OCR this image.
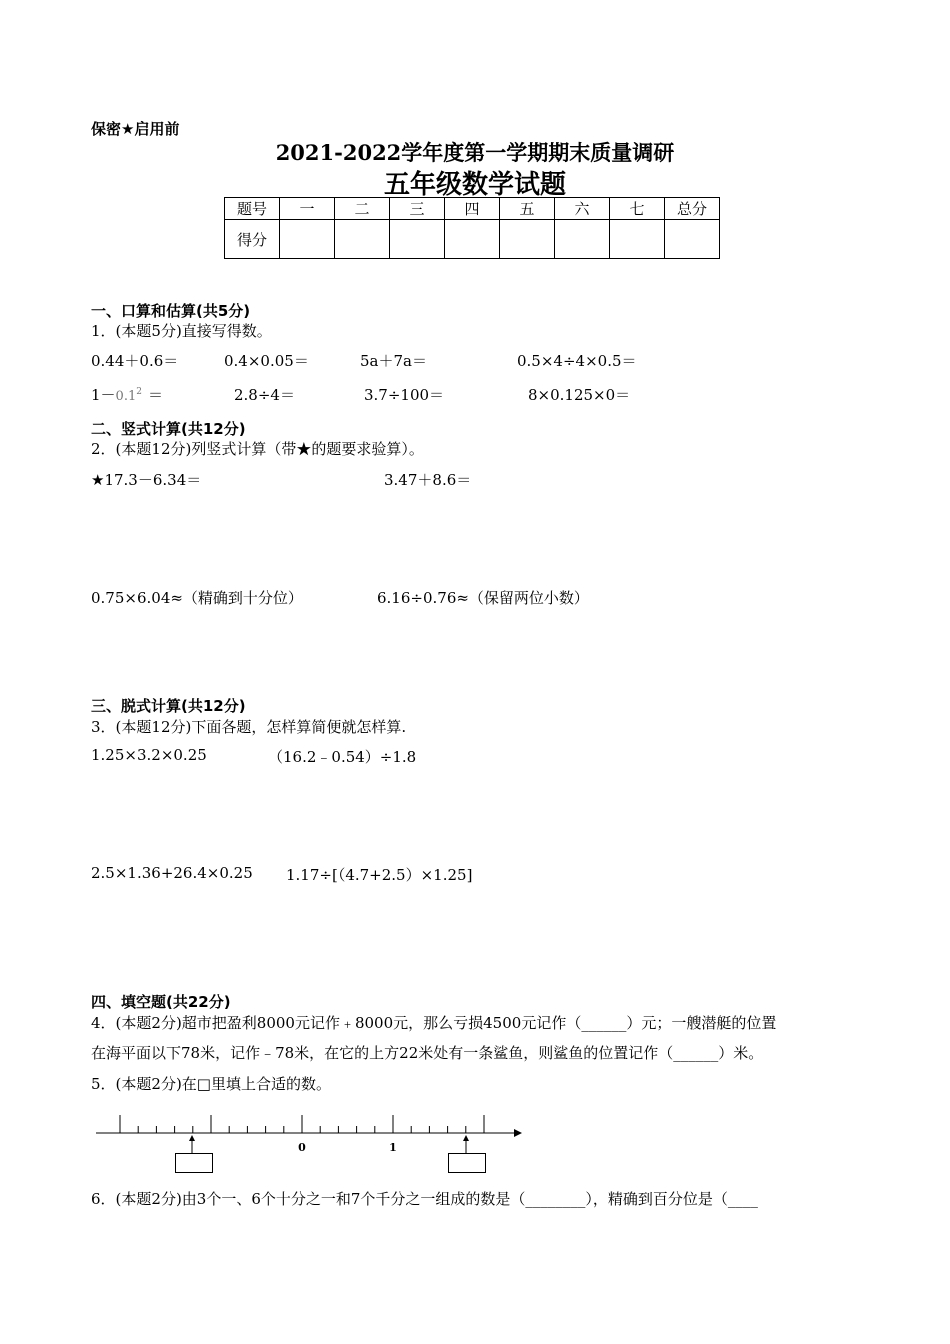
保密★启用前
2021-2022学年度第一学期期末质量调研
五年级数学试题
题号	一	二	三	四	五	六	七	总分
得分								
一、口算和估算(共5分)
1．(本题5分)直接写得数。
0.44＋0.6＝	0.4×0.05＝	5a＋7a＝	0.5×4÷4×0.5＝
$1-0.1^2$ ＝	2.8÷4＝	3.7÷100＝	8×0.125×0＝
二、竖式计算(共12分)
2．(本题12分)列竖式计算（带★的题要求验算）。
★17.3－6.34＝	3.47＋8.6＝
0.75×6.04≈（精确到十分位）	6.16÷0.76≈（保留两位小数）
三、脱式计算(共12分)
3．(本题12分)下面各题，怎样算简便就怎样算.
1.25×3.2×0.25	（16.2﹣0.54）÷1.8
2.5×1.36+26.4×0.25 1.17÷[（4.7+2.5）×1.25]
四、填空题(共22分)
4．(本题2分)超市把盈利8000元记作﹢8000元，那么亏损4500元记作（______）元；一艘潜艇的位置
在海平面以下78米，记作﹣78米，在它的上方22米处有一条鲨鱼，则鲨鱼的位置记作（______）米。
5．(本题2分)在□里填上合适的数。
0	1
6．(本题2分)由3个一、6个十分之一和7个千分之一组成的数是（________），精确到百分位是（____
